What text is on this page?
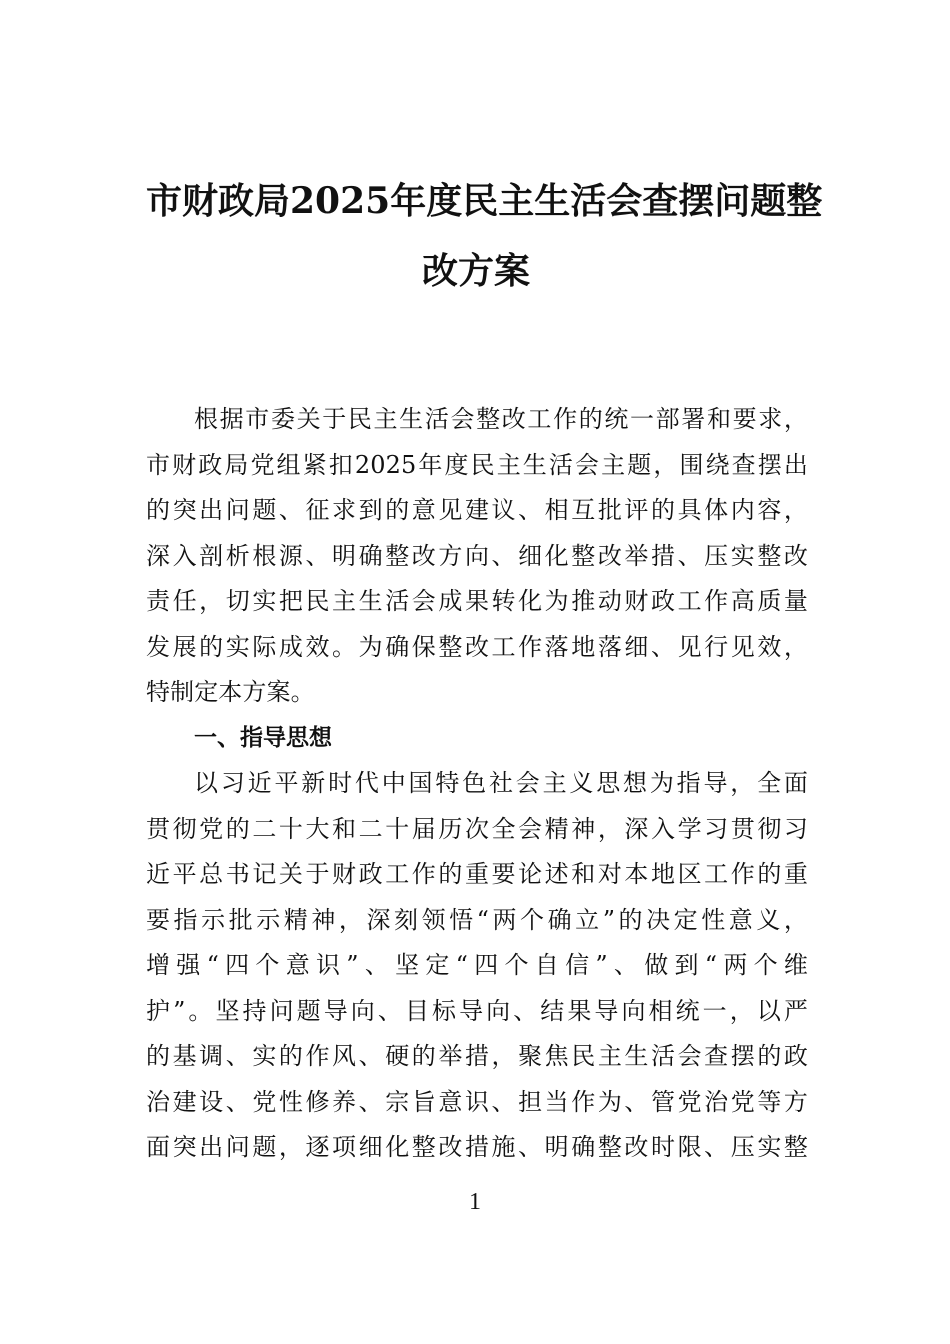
市财政局2025年度民主生活会查摆问题整
改方案
根据市委关于民主生活会整改工作的统一部署和要求，
市财政局党组紧扣2025年度民主生活会主题，围绕查摆出
的突出问题、征求到的意见建议、相互批评的具体内容，
深入剖析根源、明确整改方向、细化整改举措、压实整改
责任，切实把民主生活会成果转化为推动财政工作高质量
发展的实际成效。为确保整改工作落地落细、见行见效，
特制定本方案。
一、指导思想
以习近平新时代中国特色社会主义思想为指导，全面
贯彻党的二十大和二十届历次全会精神，深入学习贯彻习
近平总书记关于财政工作的重要论述和对本地区工作的重
要指示批示精神，深刻领悟“两个确立”的决定性意义，
增强“四个意识”、坚定“四个自信”、做到“两个维
护”。坚持问题导向、目标导向、结果导向相统一，以严
的基调、实的作风、硬的举措，聚焦民主生活会查摆的政
治建设、党性修养、宗旨意识、担当作为、管党治党等方
面突出问题，逐项细化整改措施、明确整改时限、压实整
1
